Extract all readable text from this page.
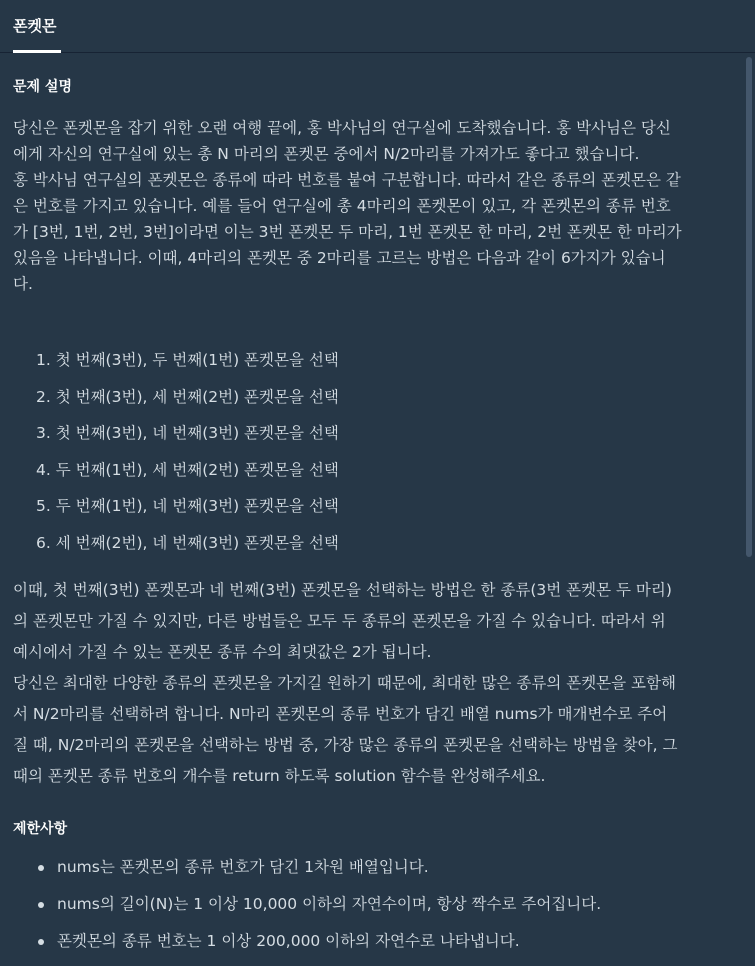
폰켓몬
문제 설명

당신은 폰켓몬을 잡기 위한 오랜 여행 끝에, 홍 박사님의 연구실에 도착했습니다. 홍 박사님은 당신
에게 자신의 연구실에 있는 총 N 마리의 폰켓몬 중에서 N/2마리를 가져가도 좋다고 했습니다.
홍 박사님 연구실의 폰켓몬은 종류에 따라 번호를 붙여 구분합니다. 따라서 같은 종류의 폰켓몬은 같
은 번호를 가지고 있습니다. 예를 들어 연구실에 총 4마리의 폰켓몬이 있고, 각 폰켓몬의 종류 번호
가 [3번, 1번, 2번, 3번]이라면 이는 3번 폰켓몬 두 마리, 1번 폰켓몬 한 마리, 2번 폰켓몬 한 마리가
있음을 나타냅니다. 이때, 4마리의 폰켓몬 중 2마리를 고르는 방법은 다음과 같이 6가지가 있습니
다.

1. 첫 번째(3번), 두 번째(1번) 폰켓몬을 선택
2. 첫 번째(3번), 세 번째(2번) 폰켓몬을 선택
3. 첫 번째(3번), 네 번째(3번) 폰켓몬을 선택
4. 두 번째(1번), 세 번째(2번) 폰켓몬을 선택
5. 두 번째(1번), 네 번째(3번) 폰켓몬을 선택
6. 세 번째(2번), 네 번째(3번) 폰켓몬을 선택

이때, 첫 번째(3번) 폰켓몬과 네 번째(3번) 폰켓몬을 선택하는 방법은 한 종류(3번 폰켓몬 두 마리)
의 폰켓몬만 가질 수 있지만, 다른 방법들은 모두 두 종류의 폰켓몬을 가질 수 있습니다. 따라서 위
예시에서 가질 수 있는 폰켓몬 종류 수의 최댓값은 2가 됩니다.
당신은 최대한 다양한 종류의 폰켓몬을 가지길 원하기 때문에, 최대한 많은 종류의 폰켓몬을 포함해
서 N/2마리를 선택하려 합니다. N마리 폰켓몬의 종류 번호가 담긴 배열 nums가 매개변수로 주어
질 때, N/2마리의 폰켓몬을 선택하는 방법 중, 가장 많은 종류의 폰켓몬을 선택하는 방법을 찾아, 그
때의 폰켓몬 종류 번호의 개수를 return 하도록 solution 함수를 완성해주세요.

제한사항
nums는 폰켓몬의 종류 번호가 담긴 1차원 배열입니다.
nums의 길이(N)는 1 이상 10,000 이하의 자연수이며, 항상 짝수로 주어집니다.
폰켓몬의 종류 번호는 1 이상 200,000 이하의 자연수로 나타냅니다.
